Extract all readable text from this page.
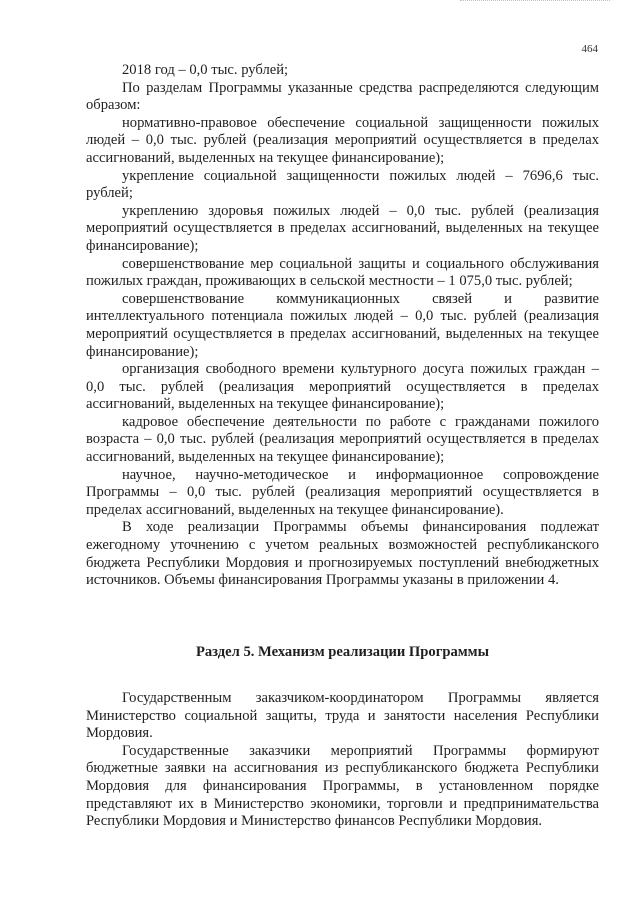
464

2018 год – 0,0 тыс. рублей;

По разделам Программы указанные средства распределяются следующим образом:

нормативно-правовое обеспечение социальной защищенности пожилых людей – 0,0 тыс. рублей (реализация мероприятий осуществляется в пределах ассигнований, выделенных на текущее финансирование);

укрепление социальной защищенности пожилых людей – 7696,6 тыс. рублей;

укреплению здоровья пожилых людей – 0,0 тыс. рублей (реализация мероприятий осуществляется в пределах ассигнований, выделенных на текущее финансирование);

совершенствование мер социальной защиты и социального обслуживания пожилых граждан, проживающих в сельской местности – 1 075,0 тыс. рублей;

совершенствование коммуникационных связей и развитие интеллектуального потенциала пожилых людей – 0,0 тыс. рублей (реализация мероприятий осуществляется в пределах ассигнований, выделенных на текущее финансирование);

организация свободного времени культурного досуга пожилых граждан – 0,0 тыс. рублей (реализация мероприятий осуществляется в пределах ассигнований, выделенных на текущее финансирование);

кадровое обеспечение деятельности по работе с гражданами пожилого возраста – 0,0 тыс. рублей (реализация мероприятий осуществляется в пределах ассигнований, выделенных на текущее финансирование);

научное, научно-методическое и информационное сопровождение Программы – 0,0 тыс. рублей (реализация мероприятий осуществляется в пределах ассигнований, выделенных на текущее финансирование).

В ходе реализации Программы объемы финансирования подлежат ежегодному уточнению с учетом реальных возможностей республиканского бюджета Республики Мордовия и прогнозируемых поступлений внебюджетных источников. Объемы финансирования Программы указаны в приложении 4.

Раздел 5. Механизм реализации Программы

Государственным заказчиком-координатором Программы является Министерство социальной защиты, труда и занятости населения Республики Мордовия.

Государственные заказчики мероприятий Программы формируют бюджетные заявки на ассигнования из республиканского бюджета Республики Мордовия для финансирования Программы, в установленном порядке представляют их в Министерство экономики, торговли и предпринимательства Республики Мордовия и Министерство финансов Республики Мордовия.
